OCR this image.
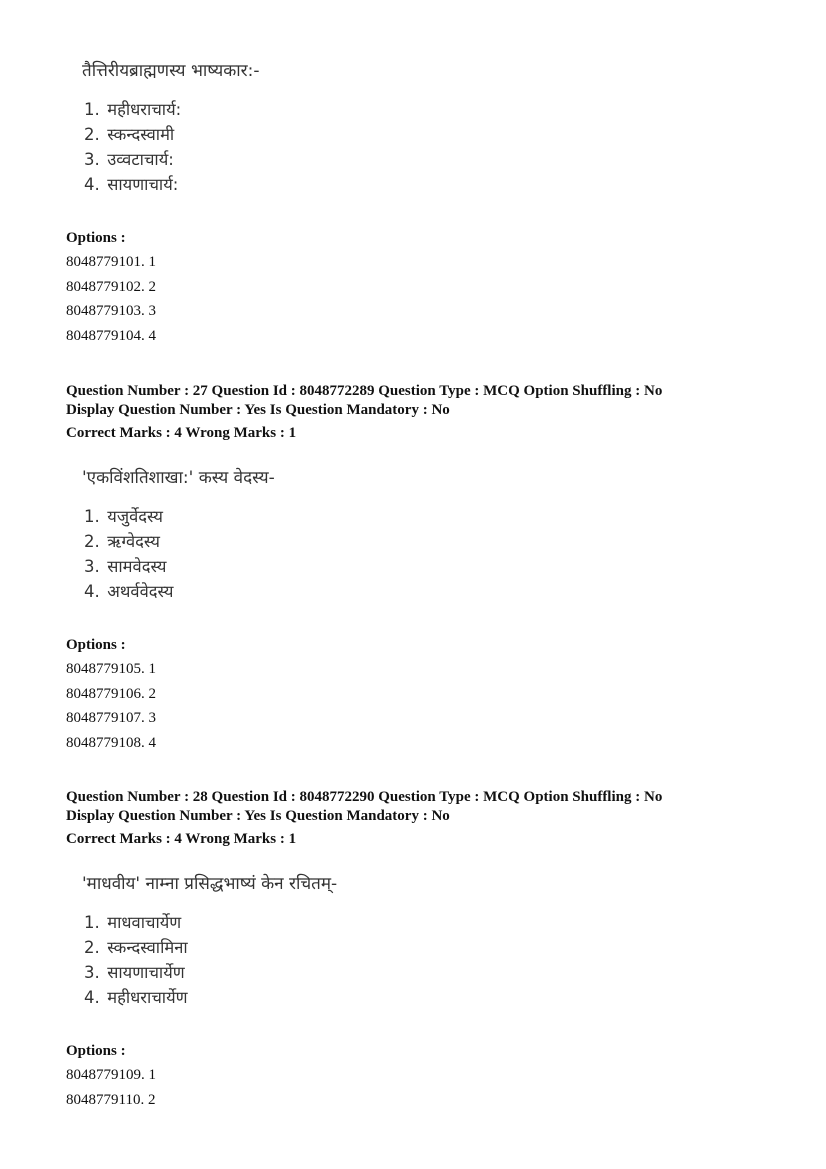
तैत्तिरीयब्राह्मणस्य भाष्यकार:-
1. महीधराचार्य:
2. स्कन्दस्वामी
3. उव्वटाचार्य:
4. सायणाचार्य:
Options :
8048779101. 1
8048779102. 2
8048779103. 3
8048779104. 4
Question Number : 27 Question Id : 8048772289 Question Type : MCQ Option Shuffling : No
Display Question Number : Yes Is Question Mandatory : No
Correct Marks : 4 Wrong Marks : 1
'एकविंशतिशाखा:' कस्य वेदस्य-
1. यजुर्वेदस्य
2. ऋग्वेदस्य
3. सामवेदस्य
4. अथर्ववेदस्य
Options :
8048779105. 1
8048779106. 2
8048779107. 3
8048779108. 4
Question Number : 28 Question Id : 8048772290 Question Type : MCQ Option Shuffling : No
Display Question Number : Yes Is Question Mandatory : No
Correct Marks : 4 Wrong Marks : 1
'माधवीय' नाम्ना प्रसिद्धभाष्यं केन रचितम्-
1. माधवाचार्येण
2. स्कन्दस्वामिना
3. सायणाचार्येण
4. महीधराचार्येण
Options :
8048779109. 1
8048779110. 2
